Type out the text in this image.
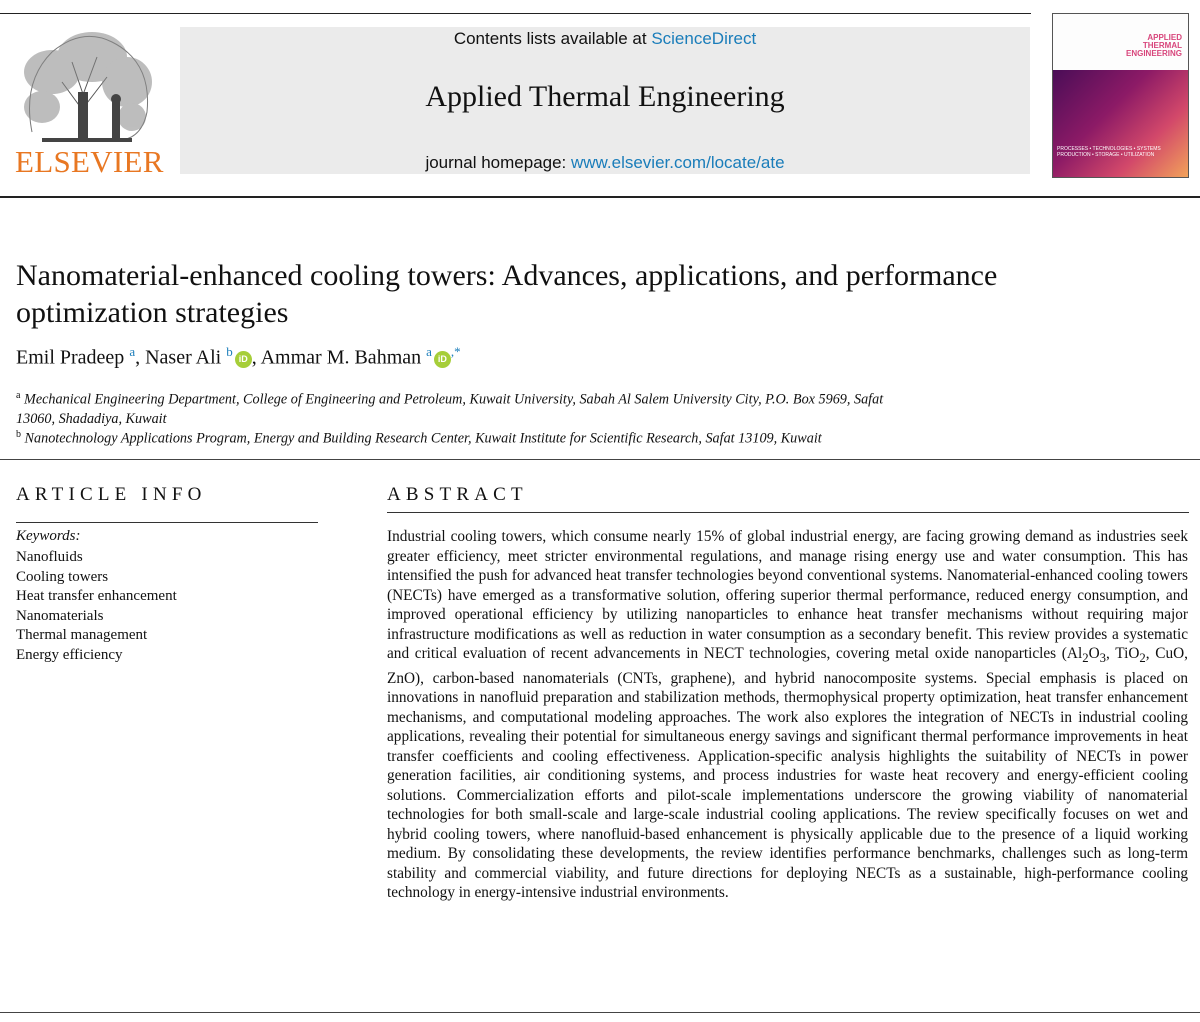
ELSEVIER
Contents lists available at ScienceDirect
Applied Thermal Engineering
journal homepage: www.elsevier.com/locate/ate
APPLIED
THERMAL
ENGINEERING
PROCESSES • TECHNOLOGIES • SYSTEMS PRODUCTION • STORAGE • UTILIZATION
Nanomaterial-enhanced cooling towers: Advances, applications, and performance optimization strategies
Emil Pradeep $^a$, Naser Ali $^b$ iD , Ammar M. Bahman $^a$ iD ,*
$^a$ Mechanical Engineering Department, College of Engineering and Petroleum, Kuwait University, Sabah Al Salem University City, P.O. Box 5969, Safat 13060, Shadadiya, Kuwait
$^b$ Nanotechnology Applications Program, Energy and Building Research Center, Kuwait Institute for Scientific Research, Safat 13109, Kuwait
ARTICLE INFO
Keywords:
Nanofluids
Cooling towers
Heat transfer enhancement
Nanomaterials
Thermal management
Energy efficiency
ABSTRACT
Industrial cooling towers, which consume nearly 15% of global industrial energy, are facing growing demand as industries seek greater efficiency, meet stricter environmental regulations, and manage rising energy use and water consumption. This has intensified the push for advanced heat transfer technologies beyond conventional systems. Nanomaterial-enhanced cooling towers (NECTs) have emerged as a transformative solution, offering superior thermal performance, reduced energy consumption, and improved operational efficiency by utilizing nanoparticles to enhance heat transfer mechanisms without requiring major infrastructure modifications as well as reduction in water consumption as a secondary benefit. This review provides a systematic and critical evaluation of recent advancements in NECT technologies, covering metal oxide nanoparticles ($Al_2O_3$, TiO$_2$, CuO, ZnO), carbon-based nanomaterials (CNTs, graphene), and hybrid nanocomposite systems. Special emphasis is placed on innovations in nanofluid preparation and stabilization methods, thermophysical property optimization, heat transfer enhancement mechanisms, and computational modeling approaches. The work also explores the integration of NECTs in industrial cooling applications, revealing their potential for simultaneous energy savings and significant thermal performance improvements in heat transfer coefficients and cooling effectiveness. Application-specific analysis highlights the suitability of NECTs in power generation facilities, air conditioning systems, and process industries for waste heat recovery and energy-efficient cooling solutions. Commercialization efforts and pilot-scale implementations underscore the growing viability of nanomaterial technologies for both small-scale and large-scale industrial cooling applications. The review specifically focuses on wet and hybrid cooling towers, where nanofluid-based enhancement is physically applicable due to the presence of a liquid working medium. By consolidating these developments, the review identifies performance benchmarks, challenges such as long-term stability and commercial viability, and future directions for deploying NECTs as a sustainable, high-performance cooling technology in energy-intensive industrial environments.
